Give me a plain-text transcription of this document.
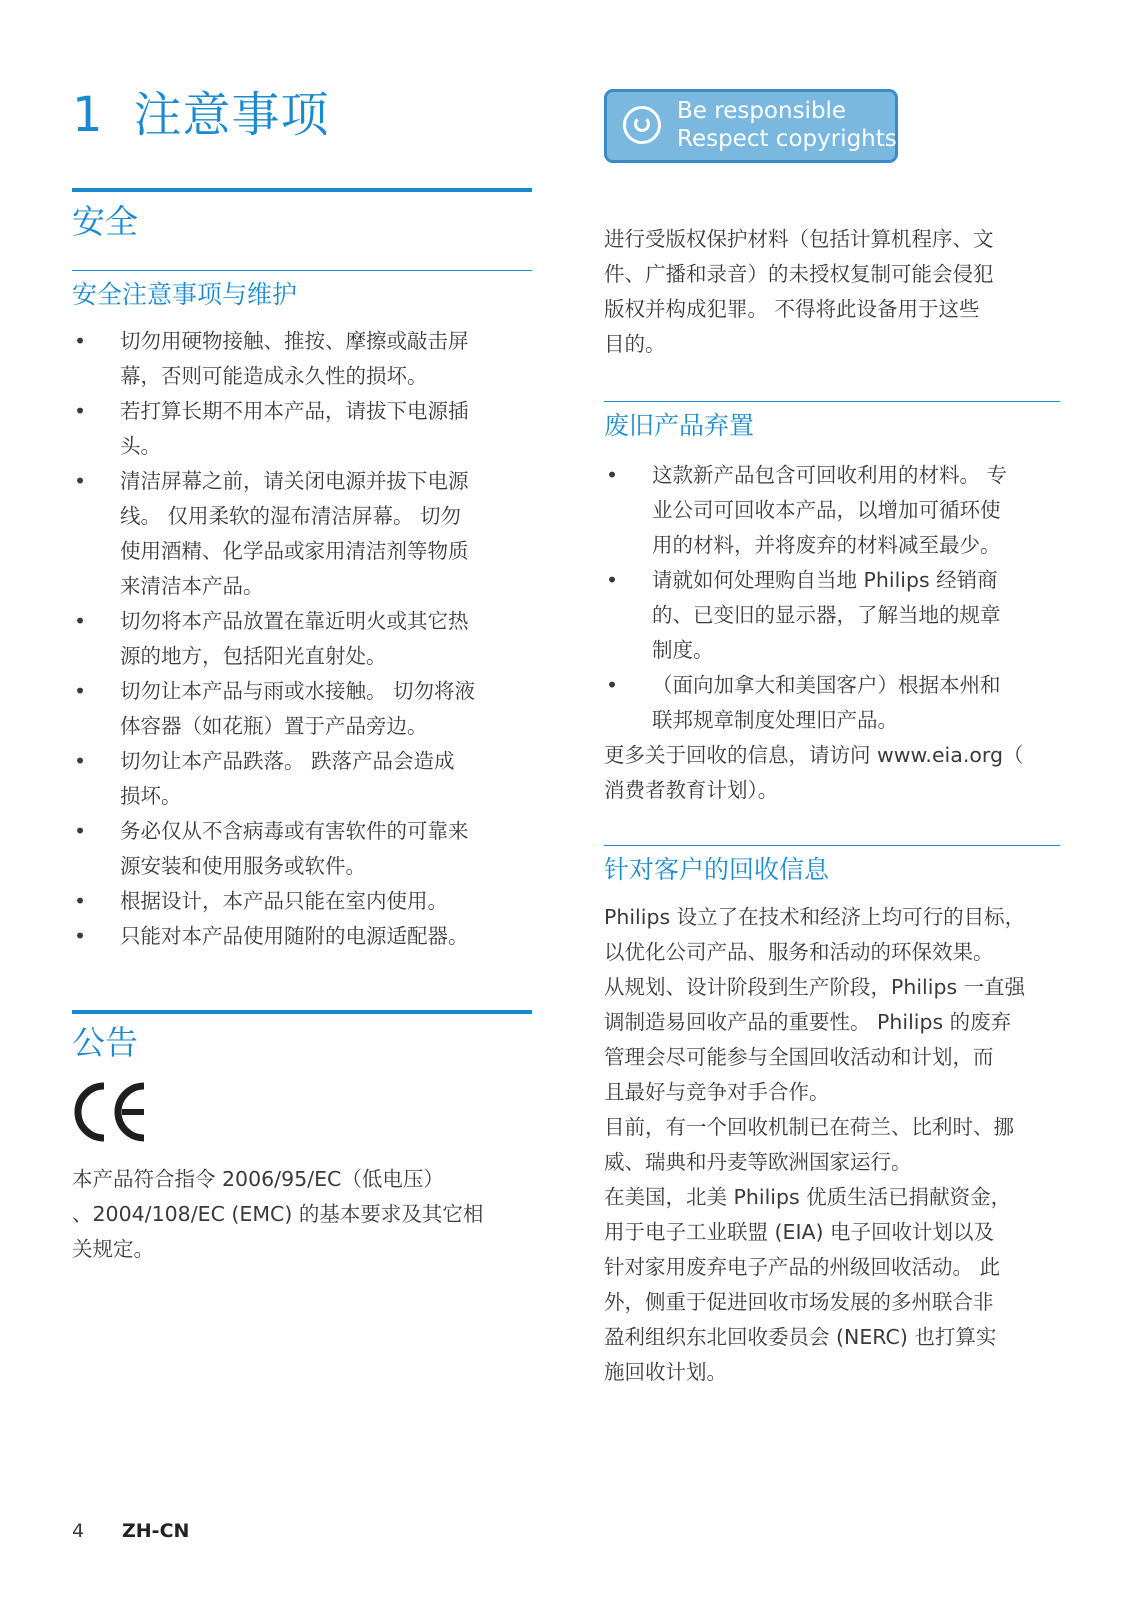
1 注意事项	Be responsible
Respect copyrights
安全
安全注意事项与维护
• 切勿用硬物接触、推按、摩擦或敲击屏
幕，否则可能造成永久性的损坏。
• 若打算长期不用本产品，请拔下电源插
头。
• 清洁屏幕之前，请关闭电源并拔下电源
线。 仅用柔软的湿布清洁屏幕。 切勿
使用酒精、化学品或家用清洁剂等物质
来清洁本产品。
• 切勿将本产品放置在靠近明火或其它热
源的地方，包括阳光直射处。
• 切勿让本产品与雨或水接触。 切勿将液
体容器（如花瓶）置于产品旁边。
• 切勿让本产品跌落。 跌落产品会造成
损坏。
• 务必仅从不含病毒或有害软件的可靠来
源安装和使用服务或软件。
• 根据设计，本产品只能在室内使用。
• 只能对本产品使用随附的电源适配器。
公告

本产品符合指令 2006/95/EC（低电压）
、2004/108/EC (EMC) 的基本要求及其它相
关规定。

进行受版权保护材料（包括计算机程序、文
件、广播和录音）的未授权复制可能会侵犯
版权并构成犯罪。 不得将此设备用于这些
目的。

废旧产品弃置
• 这款新产品包含可回收利用的材料。 专
业公司可回收本产品，以增加可循环使
用的材料，并将废弃的材料减至最少。
• 请就如何处理购自当地 Philips 经销商
的、已变旧的显示器，了解当地的规章
制度。
• （面向加拿大和美国客户）根据本州和
联邦规章制度处理旧产品。

更多关于回收的信息，请访问 www.eia.org（
消费者教育计划）。

针对客户的回收信息

Philips 设立了在技术和经济上均可行的目标，
以优化公司产品、服务和活动的环保效果。
从规划、设计阶段到生产阶段，Philips 一直强
调制造易回收产品的重要性。 Philips 的废弃
管理会尽可能参与全国回收活动和计划，而
且最好与竞争对手合作。
目前，有一个回收机制已在荷兰、比利时、挪
威、瑞典和丹麦等欧洲国家运行。
在美国，北美 Philips 优质生活已捐献资金，
用于电子工业联盟 (EIA) 电子回收计划以及
针对家用废弃电子产品的州级回收活动。 此
外，侧重于促进回收市场发展的多州联合非
盈利组织东北回收委员会 (NERC) 也打算实
施回收计划。

4 ZH-CN
